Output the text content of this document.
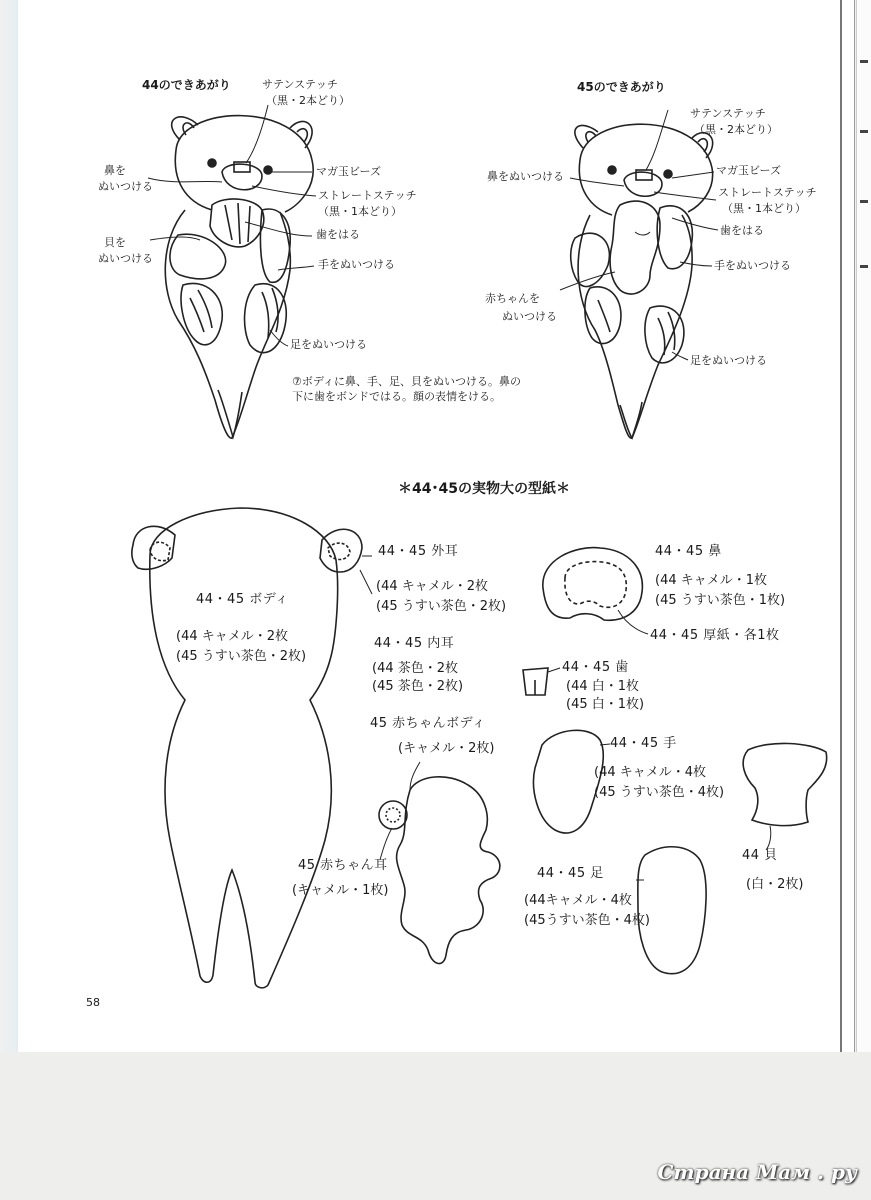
44のできあがり	サテンステッチ
（黒・2本どり）
鼻を
ぬいつける
マガ玉ビーズ
ストレートステッチ
（黒・1本どり）
歯をはる
貝を
ぬいつける	手をぬいつける
足をぬいつける
45のできあがり
サテンステッチ
（黒・2本どり）
鼻をぬいつける	マガ玉ビーズ
ストレートステッチ
（黒・1本どり）
歯をはる
手をぬいつける
赤ちゃんを
ぬいつける
足をぬいつける
⑦ボディに鼻、手、足、貝をぬいつける。鼻の下に歯をボンドではる。顔の表情をける。
＊44･45の実物大の型紙＊
44・45 ボディ
(44 キャメル・2枚
(45 うすい茶色・2枚)
44・45 外耳
(44 キャメル・2枚
(45 うすい茶色・2枚)
44・45 内耳
(44 茶色・2枚
(45 茶色・2枚)
44・45 鼻
(44 キャメル・1枚
(45 うすい茶色・1枚)
44・45 厚紙・各1枚
44・45 歯
(44 白・1枚
(45 白・1枚)
45 赤ちゃんボディ
(キャメル・2枚)	44・45 手
(44 キャメル・4枚
(45 うすい茶色・4枚)
45 赤ちゃん耳
(キャメル・1枚)
44・45 足
(44キャメル・4枚
(45うすい茶色・4枚)
44 貝
(白・2枚)
58
Страна Мам . ру
